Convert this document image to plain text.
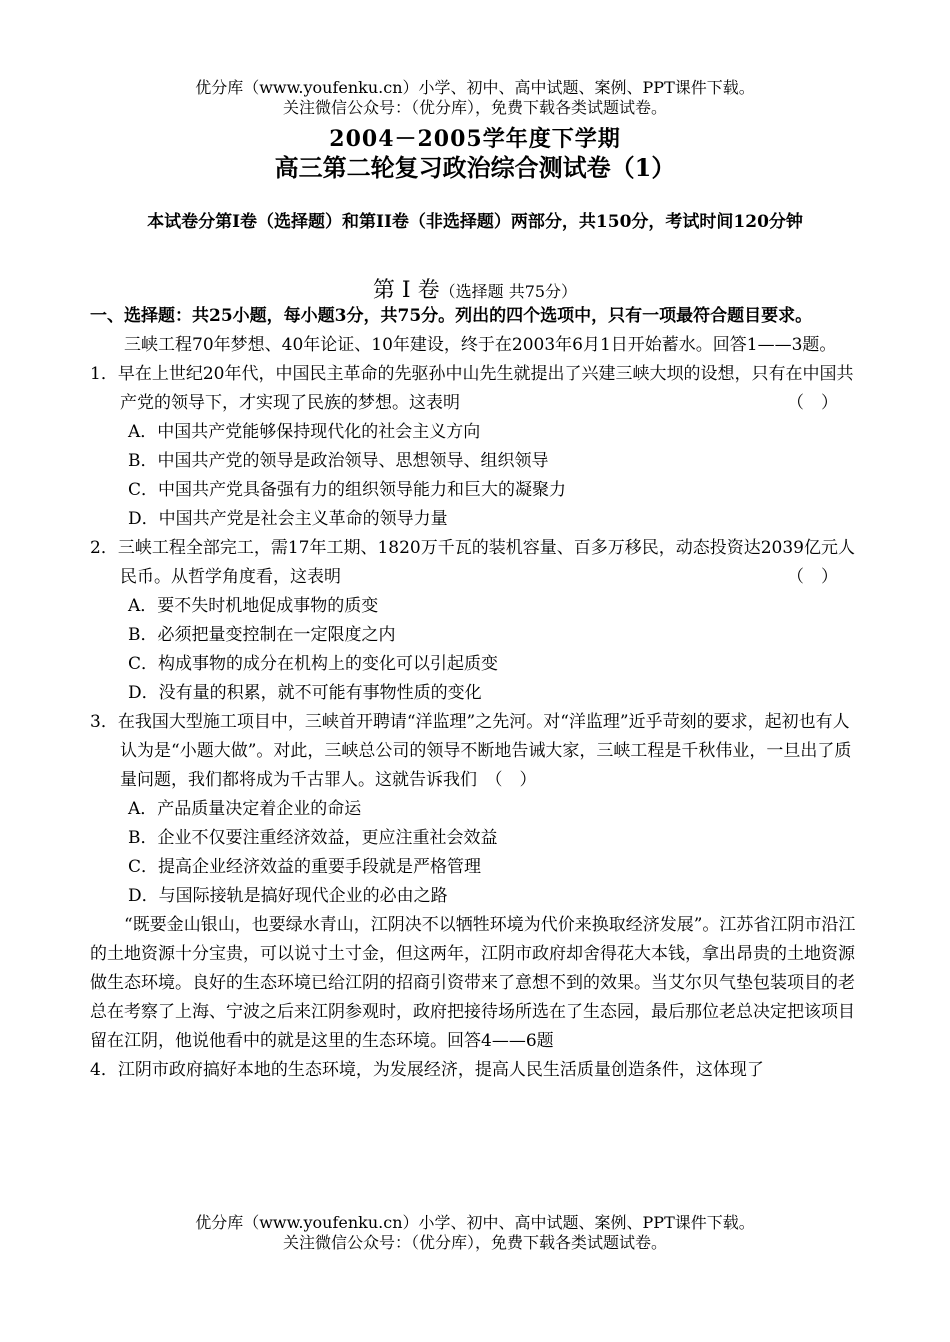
优分库（www.youfenku.cn）小学、初中、高中试题、案例、PPT课件下载。
关注微信公众号：（优分库），免费下载各类试题试卷。
2004－2005学年度下学期
高三第二轮复习政治综合测试卷（1）
本试卷分第I卷（选择题）和第II卷（非选择题）两部分，共150分，考试时间120分钟
第 I 卷（选择题 共75分）

一、选择题：共25小题，每小题3分，共75分。列出的四个选项中，只有一项最符合题目要求。

三峡工程70年梦想、40年论证、10年建设，终于在2003年6月1日开始蓄水。回答1——3题。

1．早在上世纪20年代，中国民主革命的先驱孙中山先生就提出了兴建三峡大坝的设想，只有在中国共产党的领导下，才实现了民族的梦想。这表明	（　）

A．中国共产党能够保持现代化的社会主义方向

B．中国共产党的领导是政治领导、思想领导、组织领导

C．中国共产党具备强有力的组织领导能力和巨大的凝聚力

D．中国共产党是社会主义革命的领导力量

2．三峡工程全部完工，需17年工期、1820万千瓦的装机容量、百多万移民，动态投资达2039亿元人民币。从哲学角度看，这表明	（　）

A．要不失时机地促成事物的质变

B．必须把量变控制在一定限度之内

C．构成事物的成分在机构上的变化可以引起质变

D．没有量的积累，就不可能有事物性质的变化

3．在我国大型施工项目中，三峡首开聘请“洋监理”之先河。对“洋监理”近乎苛刻的要求，起初也有人认为是“小题大做”。对此，三峡总公司的领导不断地告诫大家，三峡工程是千秋伟业，一旦出了质量问题，我们都将成为千古罪人。这就告诉我们　（　）

A．产品质量决定着企业的命运

B．企业不仅要注重经济效益，更应注重社会效益

C．提高企业经济效益的重要手段就是严格管理

D．与国际接轨是搞好现代企业的必由之路

“既要金山银山，也要绿水青山，江阴决不以牺牲环境为代价来换取经济发展”。江苏省江阴市沿江的土地资源十分宝贵，可以说寸土寸金，但这两年，江阴市政府却舍得花大本钱，拿出昂贵的土地资源做生态环境。良好的生态环境已给江阴的招商引资带来了意想不到的效果。当艾尔贝气垫包装项目的老总在考察了上海、宁波之后来江阴参观时，政府把接待场所选在了生态园，最后那位老总决定把该项目留在江阴，他说他看中的就是这里的生态环境。回答4——6题

4．江阴市政府搞好本地的生态环境，为发展经济，提高人民生活质量创造条件，这体现了

优分库（www.youfenku.cn）小学、初中、高中试题、案例、PPT课件下载。
关注微信公众号：（优分库），免费下载各类试题试卷。
